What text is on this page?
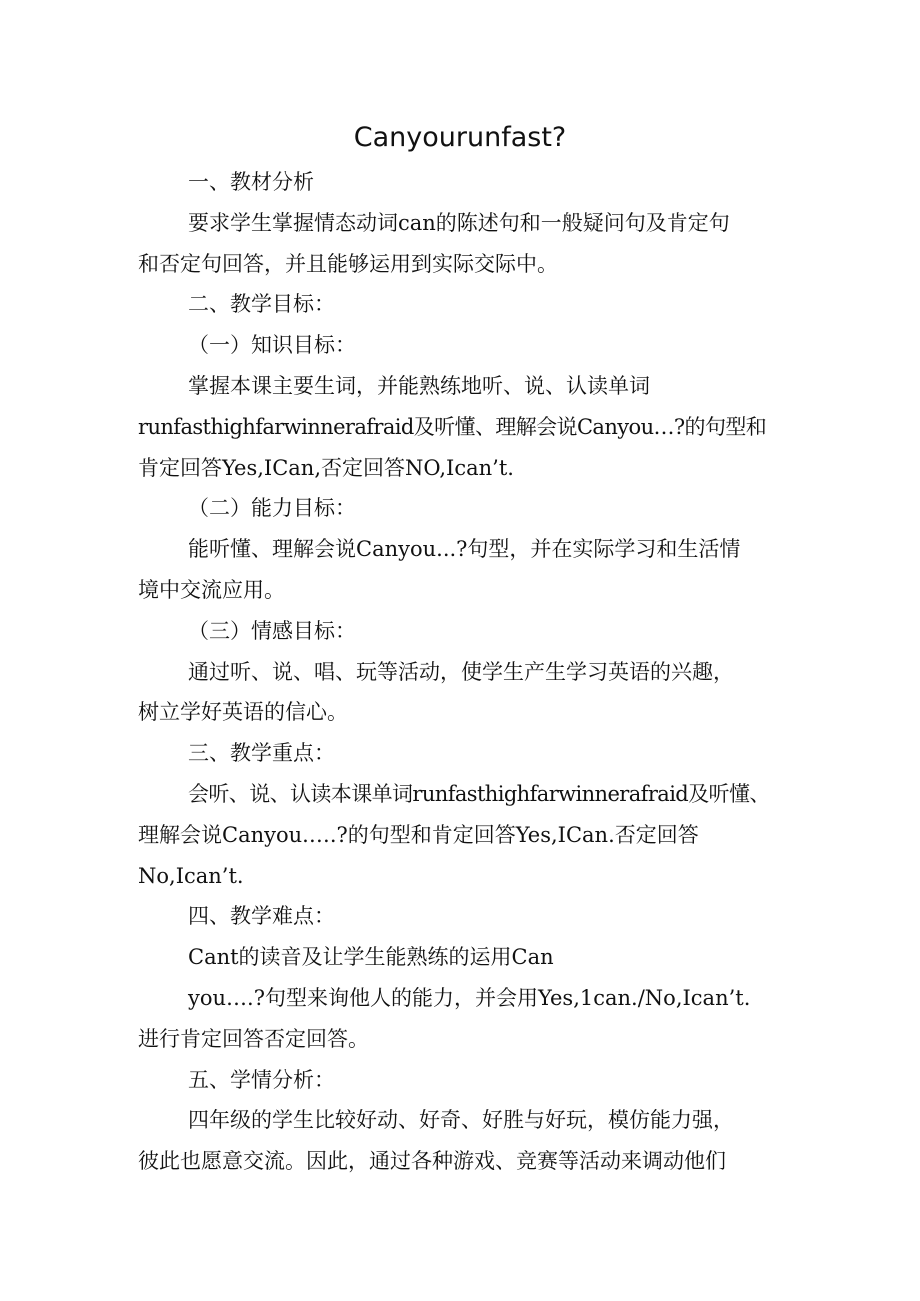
Canyourunfast?
一、教材分析
要求学生掌握情态动词can的陈述句和一般疑问句及肯定句
和否定句回答，并且能够运用到实际交际中。
二、教学目标：
（一）知识目标：
掌握本课主要生词，并能熟练地听、说、认读单词
runfasthighfarwinnerafraid及听懂、理解会说Canyou…?的句型和
肯定回答Yes,ICan,否定回答NO,Ican’t.
（二）能力目标：
能听懂、理解会说Canyou...?句型，并在实际学习和生活情
境中交流应用。
（三）情感目标：
通过听、说、唱、玩等活动，使学生产生学习英语的兴趣，
树立学好英语的信心。
三、教学重点：
会听、说、认读本课单词runfasthighfarwinnerafraid及听懂、
理解会说Canyou.….?的句型和肯定回答Yes,ICan.否定回答
No,Ican’t.
四、教学难点：
Cant的读音及让学生能熟练的运用Can
you….?句型来询他人的能力，并会用Yes,1can./No,Ican’t.
进行肯定回答否定回答。
五、学情分析：
四年级的学生比较好动、好奇、好胜与好玩，模仿能力强，
彼此也愿意交流。因此，通过各种游戏、竞赛等活动来调动他们
